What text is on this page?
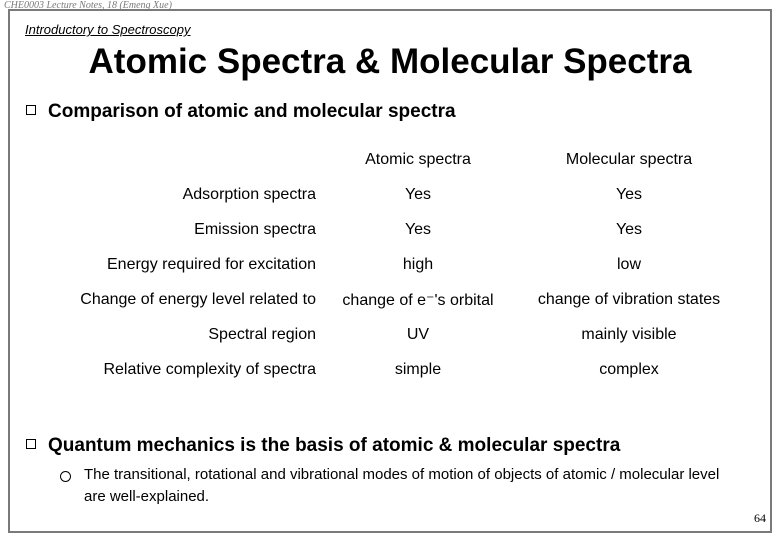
CHE0003 Lecture Notes, 18 (Emeng Xue)
Introductory to Spectroscopy
Atomic Spectra & Molecular Spectra
Comparison of atomic and molecular spectra
	Atomic spectra	Molecular spectra
Adsorption spectra	Yes	Yes
Emission spectra	Yes	Yes
Energy required for excitation	high	low
Change of energy level related to	change of e⁻'s orbital	change of vibration states
Spectral region	UV	mainly visible
Relative complexity of spectra	simple	complex
Quantum mechanics is the basis of atomic & molecular spectra
The transitional, rotational and vibrational modes of motion of objects of atomic / molecular level are well-explained.
64
